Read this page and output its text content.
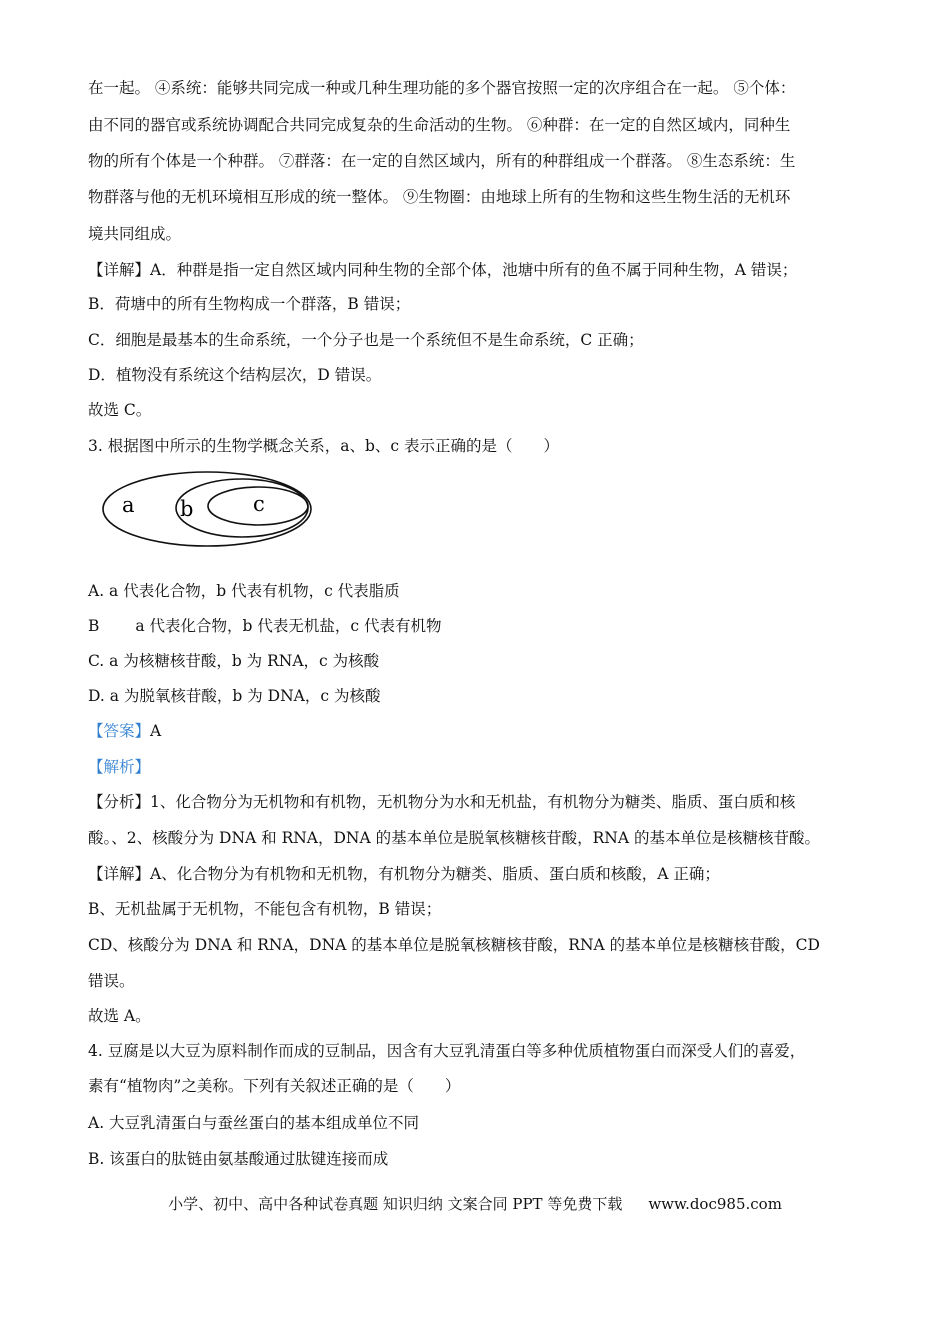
在一起。 ④系统：能够共同完成一种或几种生理功能的多个器官按照一定的次序组合在一起。 ⑤个体：
由不同的器官或系统协调配合共同完成复杂的生命活动的生物。 ⑥种群：在一定的自然区域内，同种生
物的所有个体是一个种群。 ⑦群落：在一定的自然区域内，所有的种群组成一个群落。 ⑧生态系统：生
物群落与他的无机环境相互形成的统一整体。 ⑨生物圈：由地球上所有的生物和这些生物生活的无机环
境共同组成。
【详解】A．种群是指一定自然区域内同种生物的全部个体，池塘中所有的鱼不属于同种生物，A 错误；
B．荷塘中的所有生物构成一个群落，B 错误；
C．细胞是最基本的生命系统，一个分子也是一个系统但不是生命系统，C 正确；
D．植物没有系统这个结构层次，D 错误。
故选 C。
3. 根据图中所示的生物学概念关系，a、b、c 表示正确的是（　　）
a b	c
A. a 代表化合物，b 代表有机物，c 代表脂质
B a 代表化合物，b 代表无机盐，c 代表有机物
C. a 为核糖核苷酸，b 为 RNA，c 为核酸
D. a 为脱氧核苷酸，b 为 DNA，c 为核酸
【答案】A
【解析】
【分析】1、化合物分为无机物和有机物，无机物分为水和无机盐，有机物分为糖类、脂质、蛋白质和核
酸。、2、核酸分为 DNA 和 RNA，DNA 的基本单位是脱氧核糖核苷酸，RNA 的基本单位是核糖核苷酸。
【详解】A、化合物分为有机物和无机物，有机物分为糖类、脂质、蛋白质和核酸，A 正确；
B、无机盐属于无机物，不能包含有机物，B 错误；
CD、核酸分为 DNA 和 RNA，DNA 的基本单位是脱氧核糖核苷酸，RNA 的基本单位是核糖核苷酸，CD
错误。
故选 A。
4. 豆腐是以大豆为原料制作而成的豆制品，因含有大豆乳清蛋白等多种优质植物蛋白而深受人们的喜爱，
素有“植物肉”之美称。下列有关叙述正确的是（　　）
A. 大豆乳清蛋白与蚕丝蛋白的基本组成单位不同
B. 该蛋白的肽链由氨基酸通过肽键连接而成
小学、初中、高中各种试卷真题 知识归纳 文案合同 PPT 等免费下载 www.doc985.com
